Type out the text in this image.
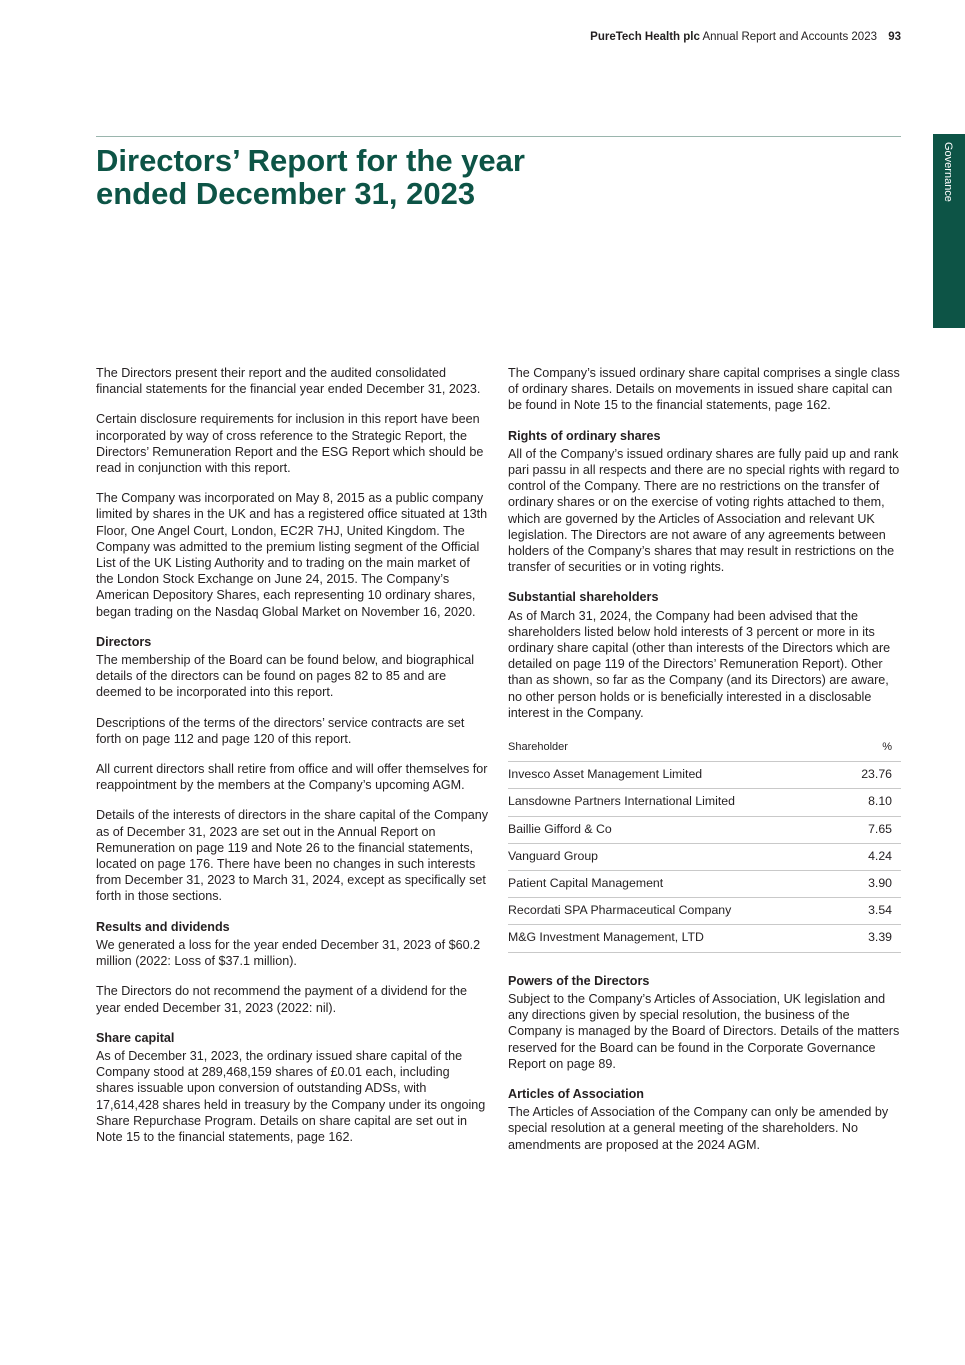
PureTech Health plc Annual Report and Accounts 2023 93
Governance
Directors’ Report for the year
ended December 31, 2023

The Directors present their report and the audited consolidated financial statements for the financial year ended December 31, 2023.

Certain disclosure requirements for inclusion in this report have been incorporated by way of cross reference to the Strategic Report, the Directors’ Remuneration Report and the ESG Report which should be read in conjunction with this report.

The Company was incorporated on May 8, 2015 as a public company limited by shares in the UK and has a registered office situated at 13th Floor, One Angel Court, London, EC2R 7HJ, United Kingdom. The Company was admitted to the premium listing segment of the Official List of the UK Listing Authority and to trading on the main market of the London Stock Exchange on June 24, 2015. The Company’s American Depository Shares, each representing 10 ordinary shares, began trading on the Nasdaq Global Market on November 16, 2020.

Directors

The membership of the Board can be found below, and biographical details of the directors can be found on pages 82 to 85 and are deemed to be incorporated into this report.

Descriptions of the terms of the directors’ service contracts are set forth on page 112 and page 120 of this report.

All current directors shall retire from office and will offer themselves for reappointment by the members at the Company’s upcoming AGM.

Details of the interests of directors in the share capital of the Company as of December 31, 2023 are set out in the Annual Report on Remuneration on page 119 and Note 26 to the financial statements, located on page 176. There have been no changes in such interests from December 31, 2023 to March 31, 2024, except as specifically set forth in those sections.

Results and dividends

We generated a loss for the year ended December 31, 2023 of $60.2 million (2022: Loss of $37.1 million).

The Directors do not recommend the payment of a dividend for the year ended December 31, 2023 (2022: nil).

Share capital

As of December 31, 2023, the ordinary issued share capital of the Company stood at 289,468,159 shares of £0.01 each, including shares issuable upon conversion of outstanding ADSs, with 17,614,428 shares held in treasury by the Company under its ongoing Share Repurchase Program. Details on share capital are set out in Note 15 to the financial statements, page 162.

The Company’s issued ordinary share capital comprises a single class of ordinary shares. Details on movements in issued share capital can be found in Note 15 to the financial statements, page 162.

Rights of ordinary shares

All of the Company’s issued ordinary shares are fully paid up and rank pari passu in all respects and there are no special rights with regard to control of the Company. There are no restrictions on the transfer of ordinary shares or on the exercise of voting rights attached to them, which are governed by the Articles of Association and relevant UK legislation. The Directors are not aware of any agreements between holders of the Company’s shares that may result in restrictions on the transfer of securities or in voting rights.

Substantial shareholders

As of March 31, 2024, the Company had been advised that the shareholders listed below hold interests of 3 percent or more in its ordinary share capital (other than interests of the Directors which are detailed on page 119 of the Directors’ Remuneration Report). Other than as shown, so far as the Company (and its Directors) are aware, no other person holds or is beneficially interested in a disclosable interest in the Company.

Shareholder	%
Invesco Asset Management Limited	23.76
Lansdowne Partners International Limited	8.10
Baillie Gifford & Co	7.65
Vanguard Group	4.24
Patient Capital Management	3.90
Recordati SPA Pharmaceutical Company	3.54
M&G Investment Management, LTD	3.39
Powers of the Directors

Subject to the Company’s Articles of Association, UK legislation and any directions given by special resolution, the business of the Company is managed by the Board of Directors. Details of the matters reserved for the Board can be found in the Corporate Governance Report on page 89.

Articles of Association

The Articles of Association of the Company can only be amended by special resolution at a general meeting of the shareholders. No amendments are proposed at the 2024 AGM.
